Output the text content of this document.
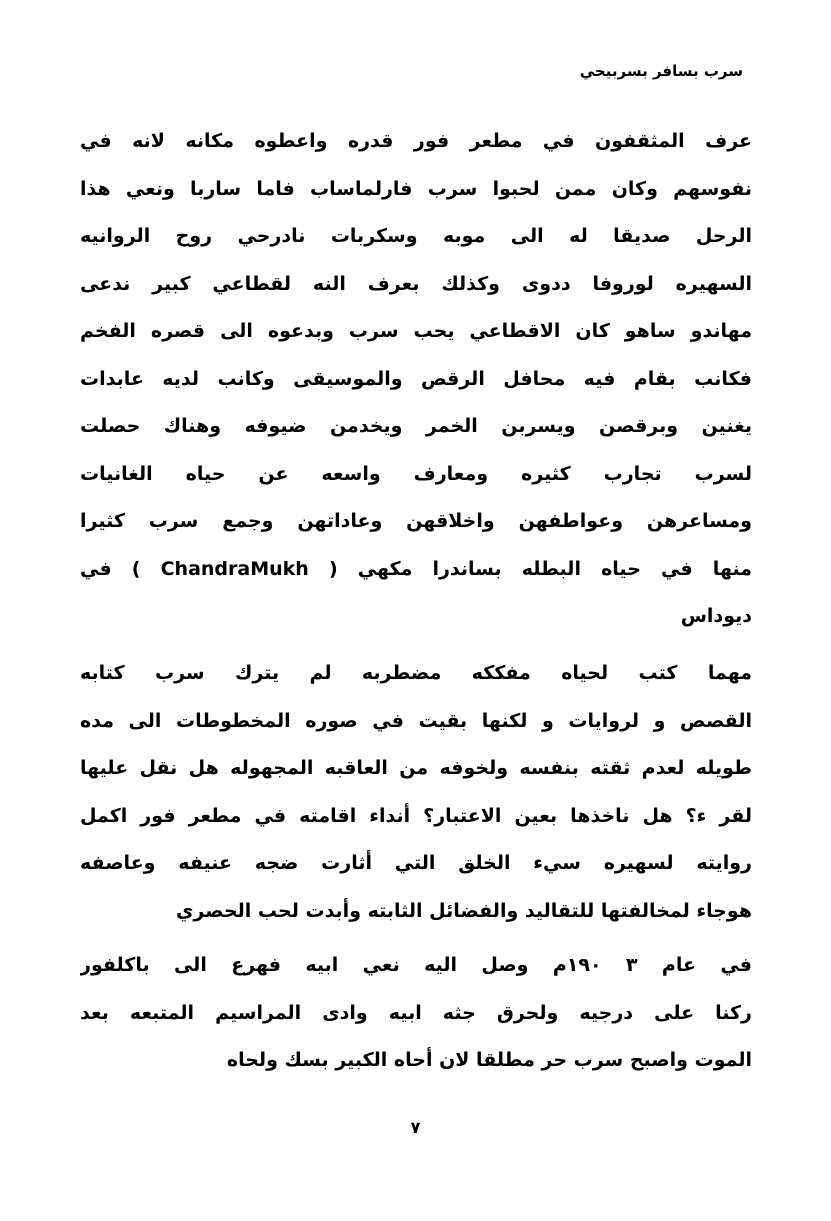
سرب بسافر بسربيحي
عرف المثقفون في مطعر فور قدره واعطوه مكانه لانه في
نفوسهم وكان ممن لحبوا سرب فارلماساب فاما ساربا ونعي هذا
الرحل صديقا له الى موبه وسكربات نادرحي روح الروانيه
السهيره لوروفا ددوى وكذلك بعرف النه لقطاعي كبير ندعى
مهاندو ساهو كان الاقطاعي يحب سرب وبدعوه الى قصره الفخم
فكانب بقام فيه محافل الرقص والموسيقى وكانب لديه عابدات
يغنين وبرقصن ويسربن الخمر ويخدمن ضيوفه وهناك حصلت
لسرب تجارب كثيره ومعارف واسعه عن حياه الغانيات
ومساعرهن وعواطفهن واخلاقهن وعاداتهن وجمع سرب كثيرا
منها في حياه البطله بساندرا مكهي ( ChandraMukh ) في
ديوداس
مهما كتب لحياه مفككه مضطربه لم يترك سرب كتابه
القصص و لروايات و لكنها بقيت في صوره المخطوطات الى مده
طويله لعدم ثقته بنفسه ولخوفه من العاقبه المجهوله هل نقل عليها
لقر ء؟ هل ناخذها بعين الاعتبار؟ أنداء اقامته في مطعر فور اكمل
روايته لسهيره سيء الخلق التي أثارت ضجه عنيفه وعاصفه
هوجاء لمخالفتها للتقاليد والفضائل الثابته وأبدت لحب الحصري
في عام ٣ ١٩٠م وصل اليه نعي ابيه فهرع الى باكلفور
ركنا على درجيه ولحرق جثه ابيه وادى المراسيم المتبعه بعد
الموت واصبح سرب حر مطلقا لان أحاه الكبير بسك ولحاه
٧
